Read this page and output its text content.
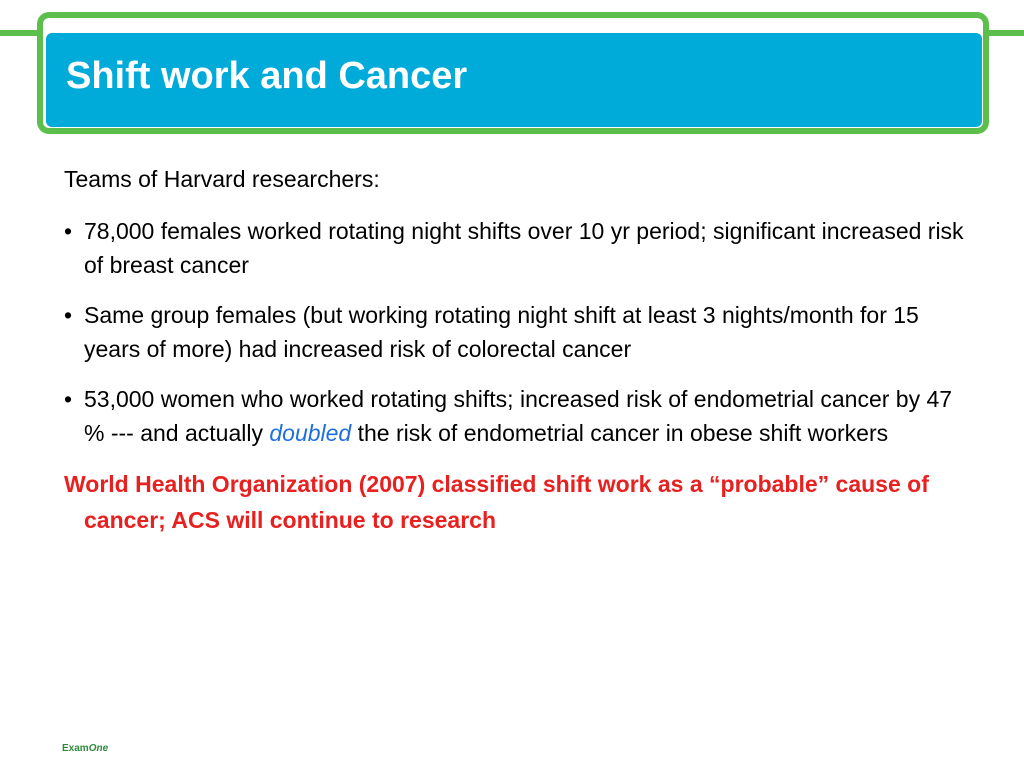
Shift work and Cancer

Teams of Harvard researchers:

• 78,000 females worked rotating night shifts over 10 yr period; significant increased risk of breast cancer

• Same group females (but working rotating night shift at least 3 nights/month for 15 years of more) had increased risk of colorectal cancer

• 53,000 women who worked rotating shifts; increased risk of endometrial cancer by 47 % --- and actually doubled the risk of endometrial cancer in obese shift workers

World Health Organization (2007) classified shift work as a “probable” cause of cancer; ACS will continue to research

ExamOne
